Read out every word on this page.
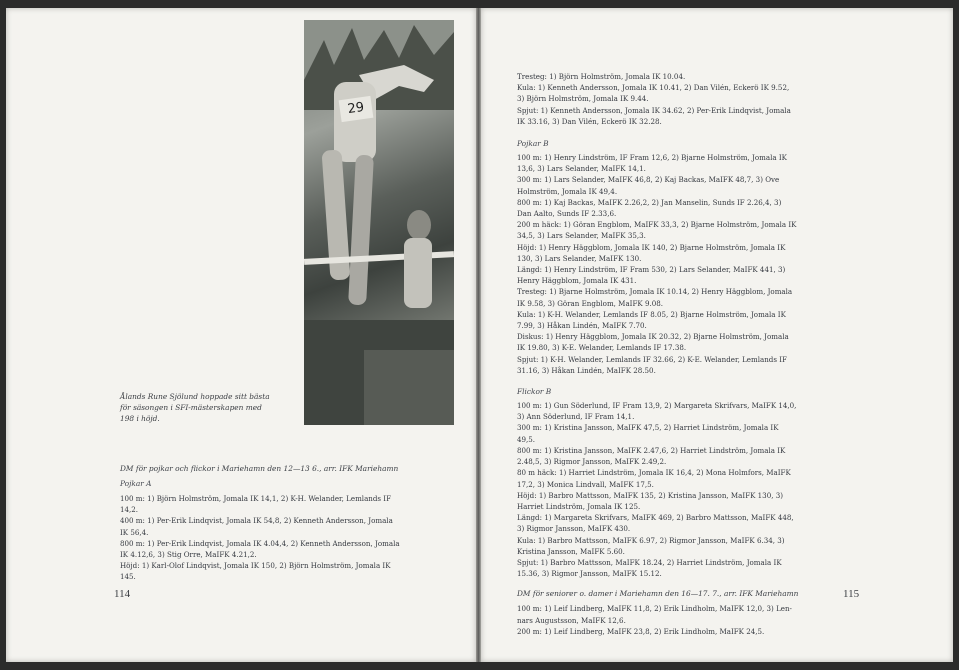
29
Ålands Rune Sjölund hoppade sitt bästa
för säsongen i SFI-mästerskapen med
198 i höjd.
DM för pojkar och flickor i Mariehamn den 12—13 6., arr. IFK Mariehamn
Pojkar A
100 m: 1) Björn Holmström, Jomala IK 14,1, 2) K-H. Welander, Lemlands IF
14,2.
400 m: 1) Per-Erik Lindqvist, Jomala IK 54,8, 2) Kenneth Andersson, Jomala
IK 56,4.
800 m: 1) Per-Erik Lindqvist, Jomala IK 4.04,4, 2) Kenneth Andersson, Jomala
IK 4.12,6, 3) Stig Orre, MaIFK 4.21,2.
Höjd: 1) Karl-Olof Lindqvist, Jomala IK 150, 2) Björn Holmström, Jomala IK
145.
114
Tresteg: 1) Björn Holmström, Jomala IK 10.04.
Kula: 1) Kenneth Andersson, Jomala IK 10.41, 2) Dan Vilén, Eckerö IK 9.52,
3) Björn Holmström, Jomala IK 9.44.
Spjut: 1) Kenneth Andersson, Jomala IK 34.62, 2) Per-Erik Lindqvist, Jomala
IK 33.16, 3) Dan Vilén, Eckerö IK 32.28.
Pojkar B
100 m: 1) Henry Lindström, IF Fram 12,6, 2) Bjarne Holmström, Jomala IK
13,6, 3) Lars Selander, MaIFK 14,1.
300 m: 1) Lars Selander, MaIFK 46,8, 2) Kaj Backas, MaIFK 48,7, 3) Ove
Holmström, Jomala IK 49,4.
800 m: 1) Kaj Backas, MaIFK 2.26,2, 2) Jan Manselin, Sunds IF 2.26,4, 3)
Dan Aalto, Sunds IF 2.33,6.
200 m häck: 1) Göran Engblom, MaIFK 33,3, 2) Bjarne Holmström, Jomala IK
34,5, 3) Lars Selander, MaIFK 35,3.
Höjd: 1) Henry Häggblom, Jomala IK 140, 2) Bjarne Holmström, Jomala IK
130, 3) Lars Selander, MaIFK 130.
Längd: 1) Henry Lindström, IF Fram 530, 2) Lars Selander, MaIFK 441, 3)
Henry Häggblom, Jomala IK 431.
Tresteg: 1) Bjarne Holmström, Jomala IK 10.14, 2) Henry Häggblom, Jomala
IK 9.58, 3) Göran Engblom, MaIFK 9.08.
Kula: 1) K-H. Welander, Lemlands IF 8.05, 2) Bjarne Holmström, Jomala IK
7.99, 3) Håkan Lindén, MaIFK 7.70.
Diskus: 1) Henry Häggblom, Jomala IK 20.32, 2) Bjarne Holmström, Jomala
IK 19.80, 3) K-E. Welander, Lemlands IF 17.38.
Spjut: 1) K-H. Welander, Lemlands IF 32.66, 2) K-E. Welander, Lemlands IF
31.16, 3) Håkan Lindén, MaIFK 28.50.
Flickor B
100 m: 1) Gun Söderlund, IF Fram 13,9, 2) Margareta Skrifvars, MaIFK 14,0,
3) Ann Söderlund, IF Fram 14,1.
300 m: 1) Kristina Jansson, MaIFK 47,5, 2) Harriet Lindström, Jomala IK
49,5.
800 m: 1) Kristina Jansson, MaIFK 2.47,6, 2) Harriet Lindström, Jomala IK
2.48,5, 3) Rigmor Jansson, MaIFK 2.49,2.
80 m häck: 1) Harriet Lindström, Jomala IK 16,4, 2) Mona Holmfors, MaIFK
17,2, 3) Monica Lindvall, MaIFK 17,5.
Höjd: 1) Barbro Mattsson, MaIFK 135, 2) Kristina Jansson, MaIFK 130, 3)
Harriet Lindström, Jomala IK 125.
Längd: 1) Margareta Skrifvars, MaIFK 469, 2) Barbro Mattsson, MaIFK 448,
3) Rigmor Jansson, MaIFK 430.
Kula: 1) Barbro Mattsson, MaIFK 6.97, 2) Rigmor Jansson, MaIFK 6.34, 3)
Kristina Jansson, MaIFK 5.60.
Spjut: 1) Barbro Mattsson, MaIFK 18.24, 2) Harriet Lindström, Jomala IK
15.36, 3) Rigmor Jansson, MaIFK 15.12.
DM för seniorer o. damer i Mariehamn den 16—17. 7., arr. IFK Mariehamn
100 m: 1) Leif Lindberg, MaIFK 11,8, 2) Erik Lindholm, MaIFK 12,0, 3) Len-
nars Augustsson, MaIFK 12,6.
200 m: 1) Leif Lindberg, MaIFK 23,8, 2) Erik Lindholm, MaIFK 24,5.
115
